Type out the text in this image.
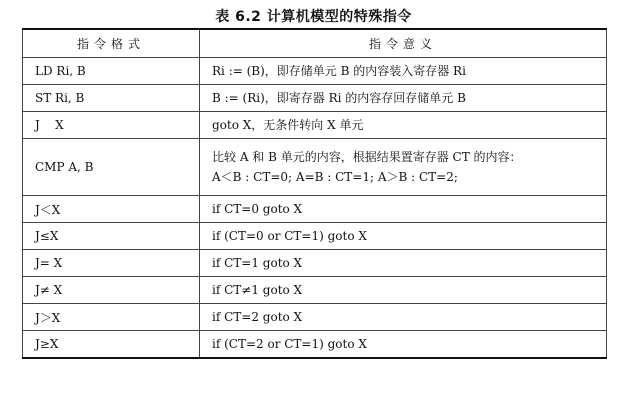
表 6.2 计算机模型的特殊指令
指令格式	指令意义
LD Ri, B	Ri := (B)，即存储单元 B 的内容装入寄存器 Ri

ST Ri, B	B := (Ri)，即寄存器 Ri 的内容存回存储单元 B

J    X	goto X，无条件转向 X 单元

CMP A, B	比较 A 和 B 单元的内容，根据结果置寄存器 CT 的内容：
A＜B : CT=0; A=B : CT=1; A＞B : CT=2;

J＜X	if CT=0 goto X

J≤X	if (CT=0 or CT=1) goto X

J= X	if CT=1 goto X

J≠ X	if CT≠1 goto X

J＞X	if CT=2 goto X

J≥X	if (CT=2 or CT=1) goto X
